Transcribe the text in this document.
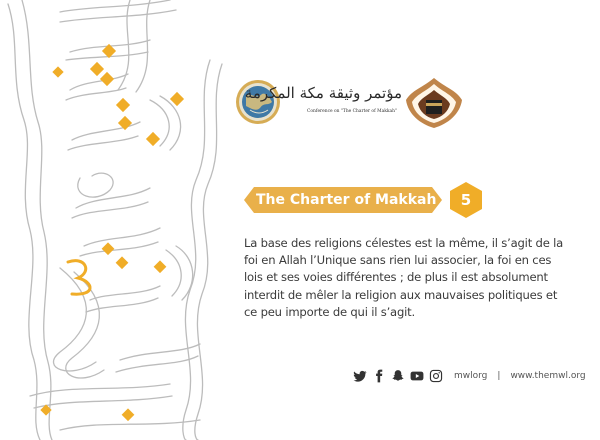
مؤتمر وثيقة مكة المكرمة
Conference on "The Charter of Makkah"
The Charter of Makkah	5

La base des religions célestes est la même, il s’agit de la foi en Allah l’Unique sans rien lui associer, la foi en ces lois et ses voies différentes ; de plus il est absolument interdit de mêler la religion aux mauvaises politiques et ce peu importe de qui il s’agit.

mwlorg | www.themwl.org
